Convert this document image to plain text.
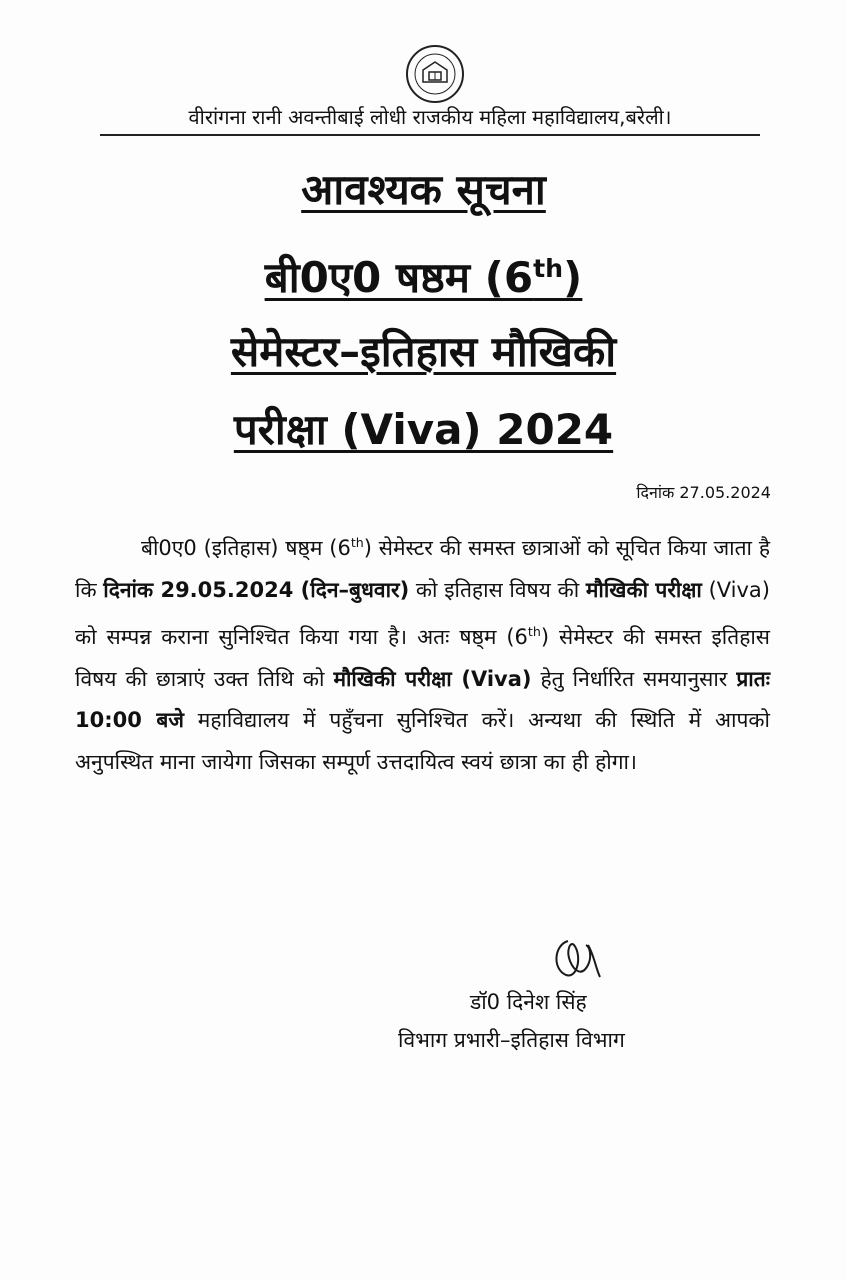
वीरांगना रानी अवन्तीबाई लोधी राजकीय महिला महाविद्यालय,बरेली।
आवश्यक सूचना
बी0ए0 षष्ठम (6th)
सेमेस्टर–इतिहास मौखिकी
परीक्षा (Viva) 2024
दिनांक 27.05.2024
बी0ए0 (इतिहास) षष्ठ्म (6th) सेमेस्टर की समस्त छात्राओं को सूचित किया जाता है कि दिनांक 29.05.2024 (दिन–बुधवार) को इतिहास विषय की मौखिकी परीक्षा (Viva) को सम्पन्न कराना सुनिश्चित किया गया है। अतः षष्ठ्म (6th) सेमेस्टर की समस्त इतिहास विषय की छात्राएं उक्त तिथि को मौखिकी परीक्षा (Viva) हेतु निर्धारित समयानुसार प्रातः 10:00 बजे महाविद्यालय में पहुँचना सुनिश्चित करें। अन्यथा की स्थिति में आपको अनुपस्थित माना जायेगा जिसका सम्पूर्ण उत्तदायित्व स्वयं छात्रा का ही होगा।
डॉ0 दिनेश सिंह
विभाग प्रभारी–इतिहास विभाग
